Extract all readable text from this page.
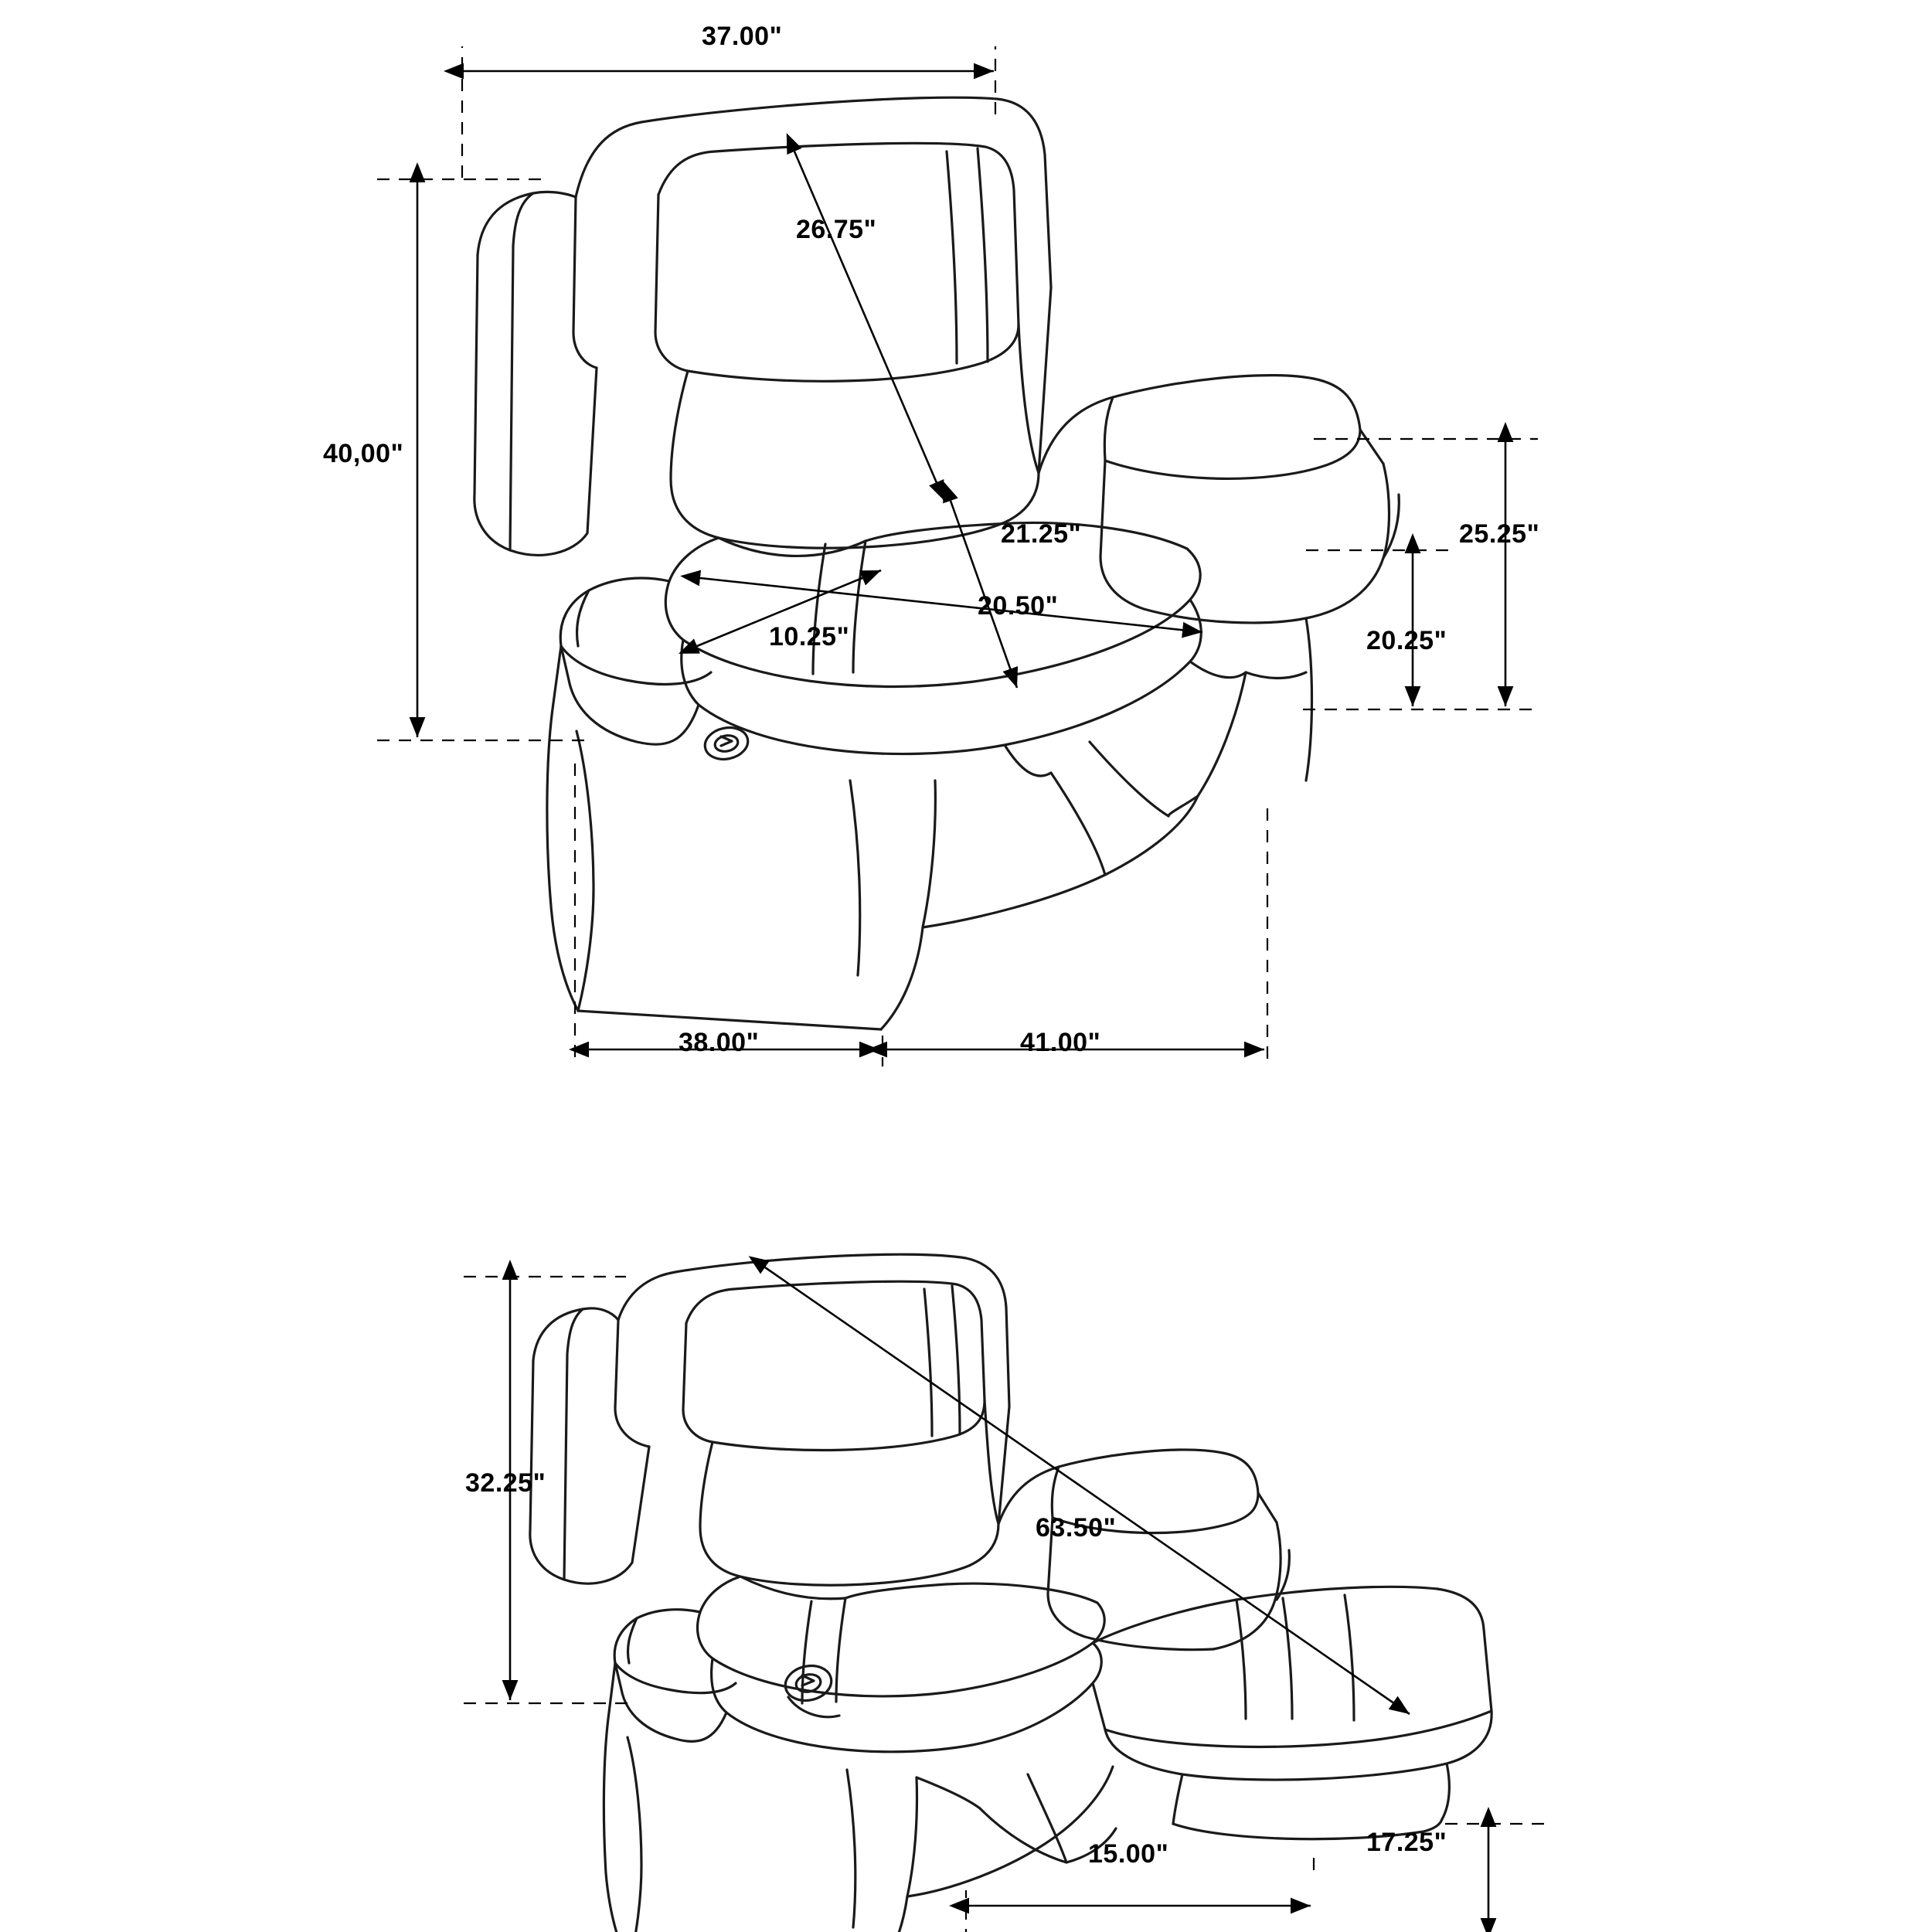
37.00"
40,00"
26.75"
21.25"
20.50"
10.25"
25.25"
20.25"
38.00"	41.00"
32.25"
63.50"
17.25"
15.00"
